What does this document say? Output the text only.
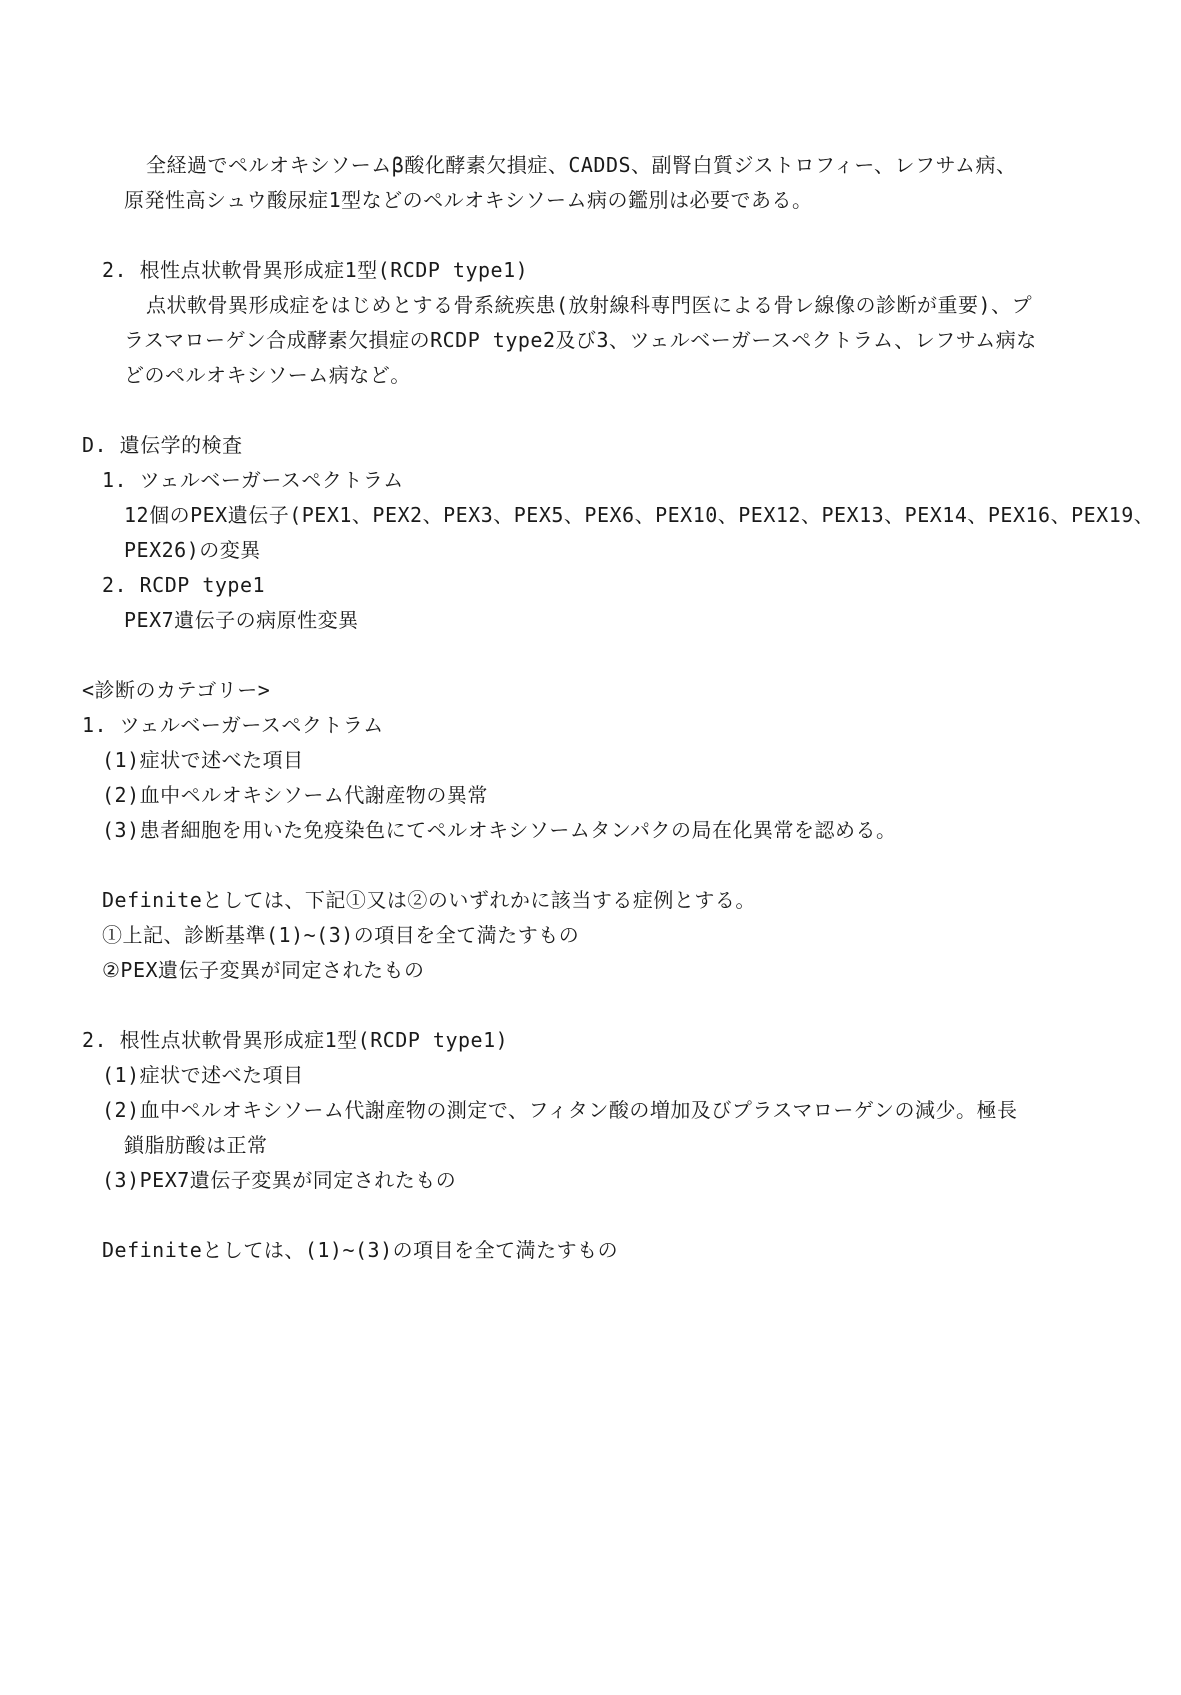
全経過でペルオキシソームβ酸化酵素欠損症、CADDS、副腎白質ジストロフィー、レフサム病、
原発性高シュウ酸尿症1型などのペルオキシソーム病の鑑別は必要である。
2. 根性点状軟骨異形成症1型(RCDP type1)
点状軟骨異形成症をはじめとする骨系統疾患(放射線科専門医による骨レ線像の診断が重要)、プ
ラスマローゲン合成酵素欠損症のRCDP type2及び3、ツェルベーガースペクトラム、レフサム病な
どのペルオキシソーム病など。
D. 遺伝学的検査
1. ツェルベーガースペクトラム
12個のPEX遺伝子(PEX1、PEX2、PEX3、PEX5、PEX6、PEX10、PEX12、PEX13、PEX14、PEX16、PEX19、
PEX26)の変異
2. RCDP type1
PEX7遺伝子の病原性変異
<診断のカテゴリー>
1. ツェルベーガースペクトラム
(1)症状で述べた項目
(2)血中ペルオキシソーム代謝産物の異常
(3)患者細胞を用いた免疫染色にてペルオキシソームタンパクの局在化異常を認める。
Definiteとしては、下記①又は②のいずれかに該当する症例とする。
①上記、診断基準(1)~(3)の項目を全て満たすもの
②PEX遺伝子変異が同定されたもの
2. 根性点状軟骨異形成症1型(RCDP type1)
(1)症状で述べた項目
(2)血中ペルオキシソーム代謝産物の測定で、フィタン酸の増加及びプラスマローゲンの減少。極長
鎖脂肪酸は正常
(3)PEX7遺伝子変異が同定されたもの
Definiteとしては、(1)~(3)の項目を全て満たすもの
